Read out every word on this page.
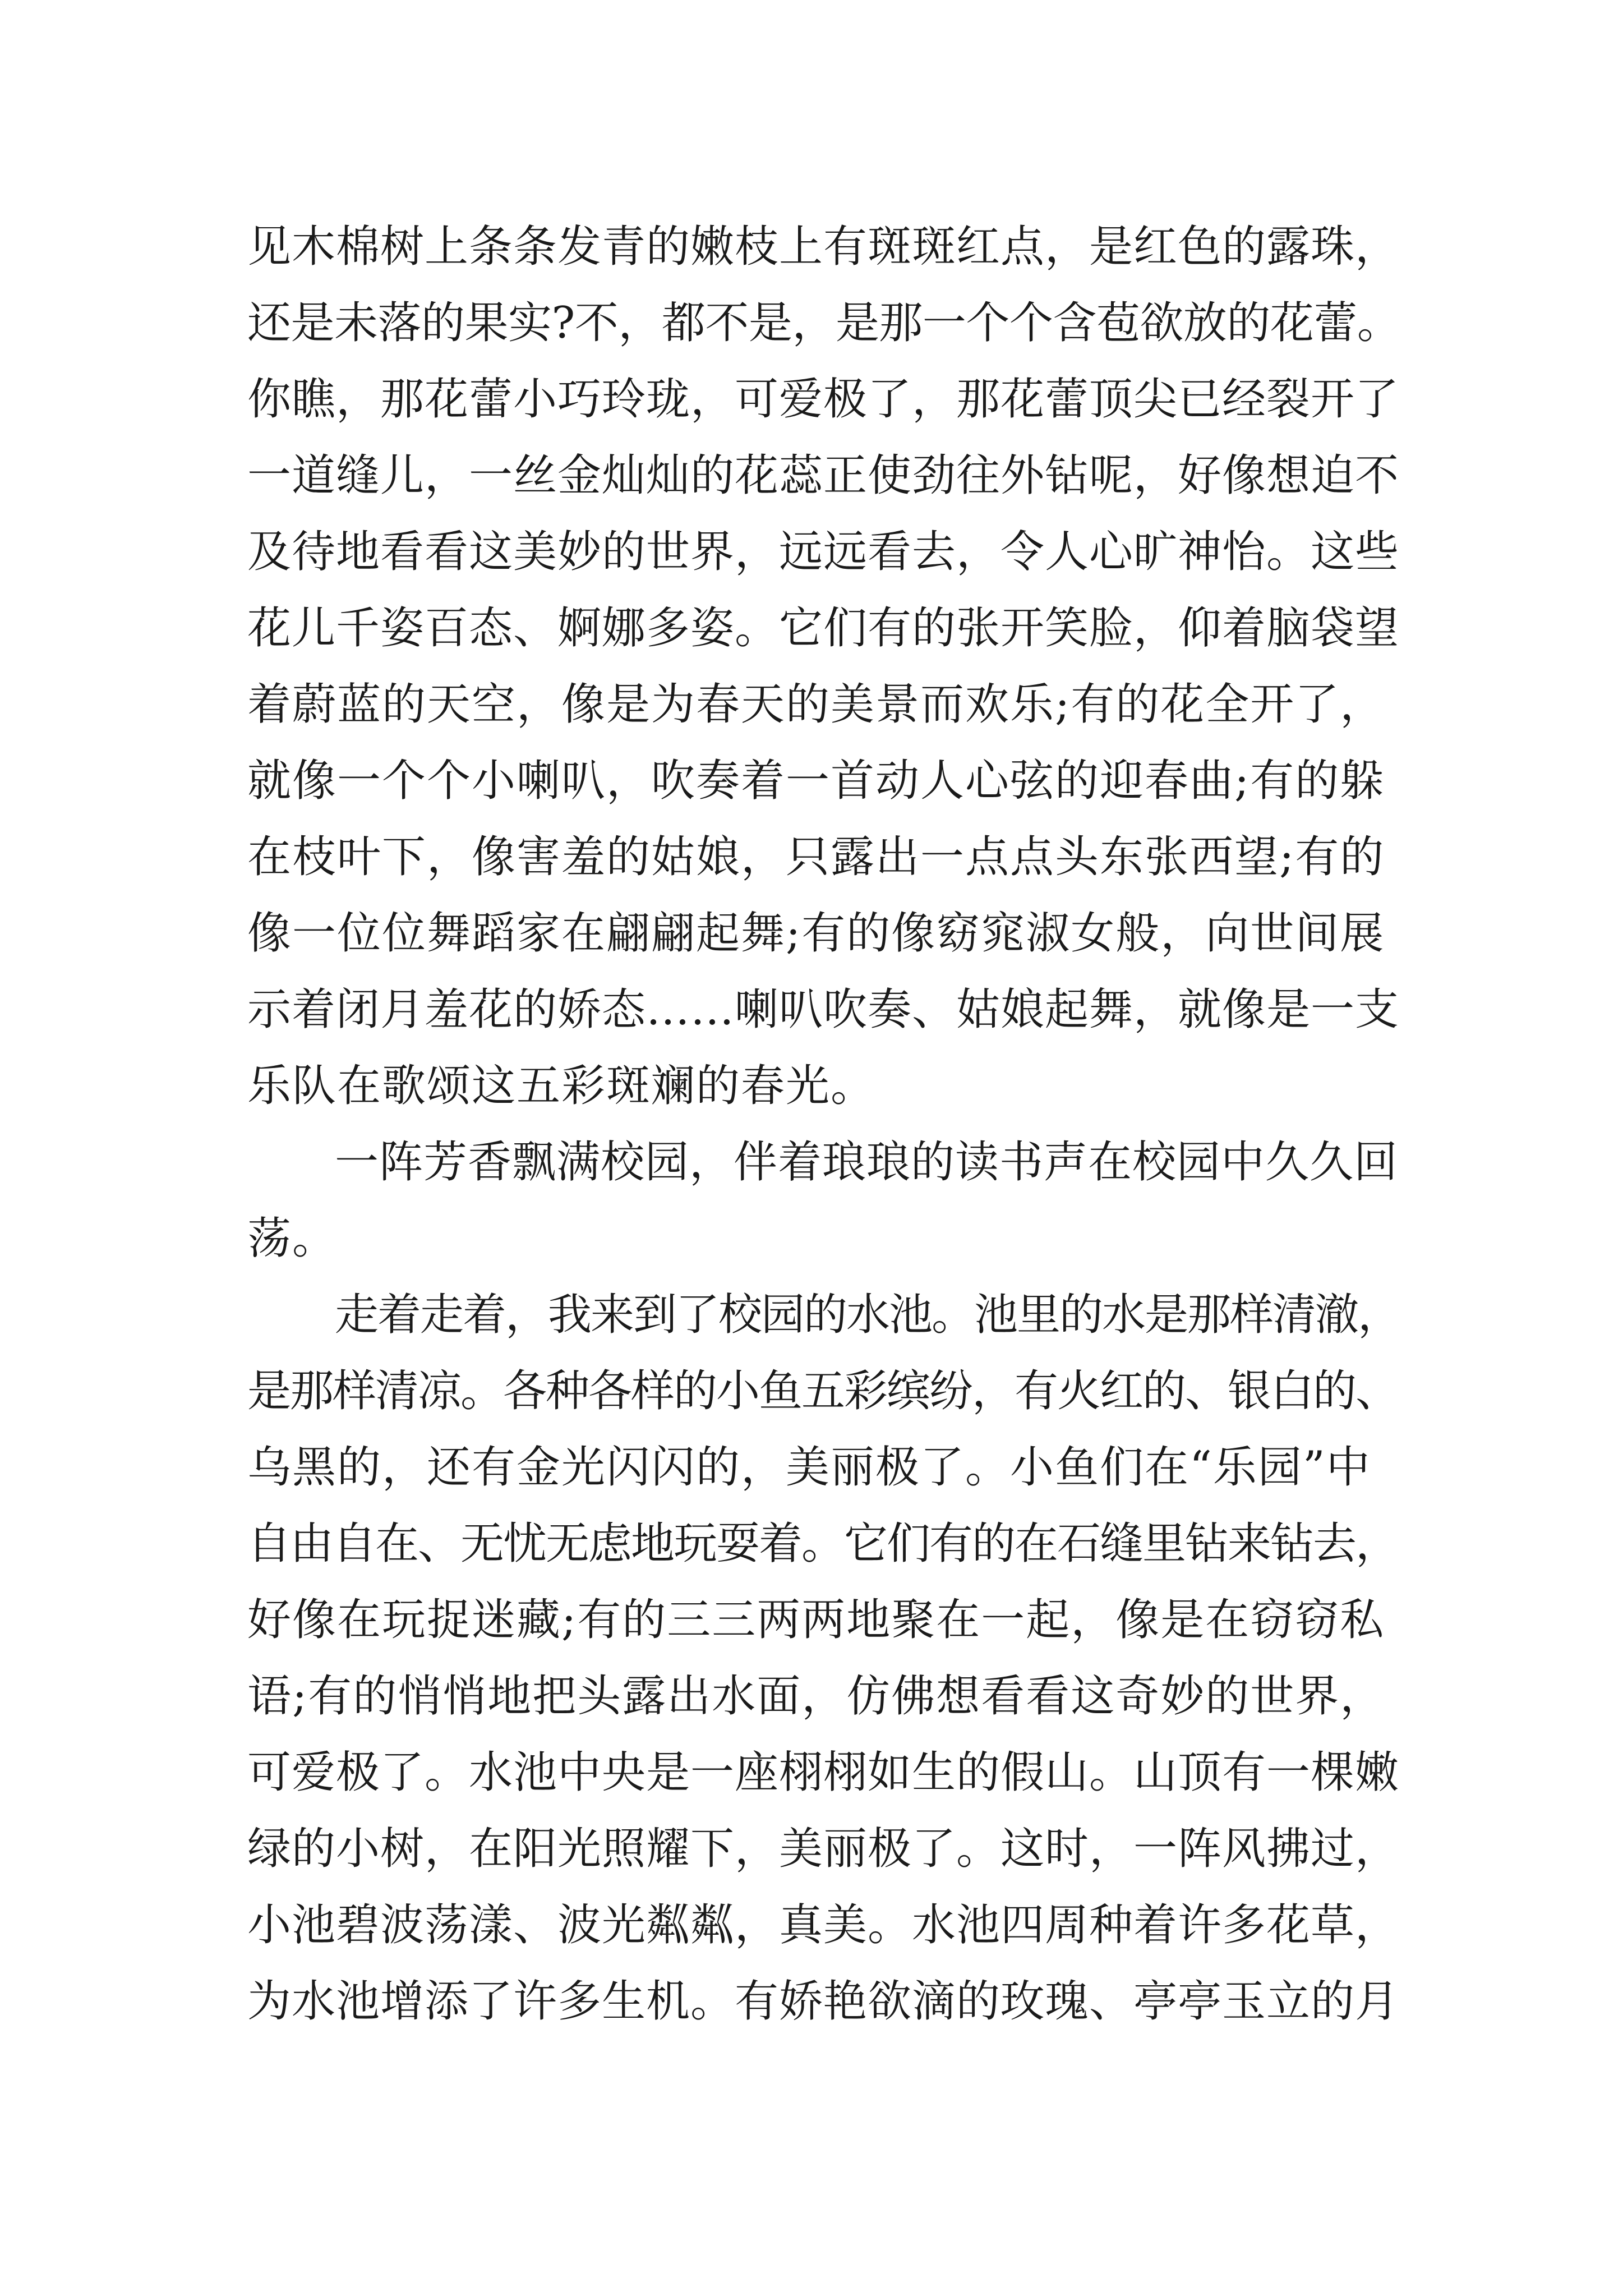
见木棉树上条条发青的嫩枝上有斑斑红点，是红色的露珠，
还是未落的果实?不，都不是，是那一个个含苞欲放的花蕾。
你瞧，那花蕾小巧玲珑，可爱极了，那花蕾顶尖已经裂开了
一道缝儿，一丝金灿灿的花蕊正使劲往外钻呢，好像想迫不
及待地看看这美妙的世界，远远看去，令人心旷神怡。这些
花儿千姿百态、婀娜多姿。它们有的张开笑脸，仰着脑袋望
着蔚蓝的天空，像是为春天的美景而欢乐;有的花全开了，
就像一个个小喇叭，吹奏着一首动人心弦的迎春曲;有的躲
在枝叶下，像害羞的姑娘，只露出一点点头东张西望;有的
像一位位舞蹈家在翩翩起舞;有的像窈窕淑女般，向世间展
示着闭月羞花的娇态……喇叭吹奏、姑娘起舞，就像是一支
乐队在歌颂这五彩斑斓的春光。
一阵芳香飘满校园，伴着琅琅的读书声在校园中久久回
荡。
走着走着，我来到了校园的水池。池里的水是那样清澈，
是那样清凉。各种各样的小鱼五彩缤纷，有火红的、银白的、
乌黑的，还有金光闪闪的，美丽极了。小鱼们在“乐园”中
自由自在、无忧无虑地玩耍着。它们有的在石缝里钻来钻去，
好像在玩捉迷藏;有的三三两两地聚在一起，像是在窃窃私
语;有的悄悄地把头露出水面，仿佛想看看这奇妙的世界，
可爱极了。水池中央是一座栩栩如生的假山。山顶有一棵嫩
绿的小树，在阳光照耀下，美丽极了。这时，一阵风拂过，
小池碧波荡漾、波光粼粼，真美。水池四周种着许多花草，
为水池增添了许多生机。有娇艳欲滴的玫瑰、亭亭玉立的月
